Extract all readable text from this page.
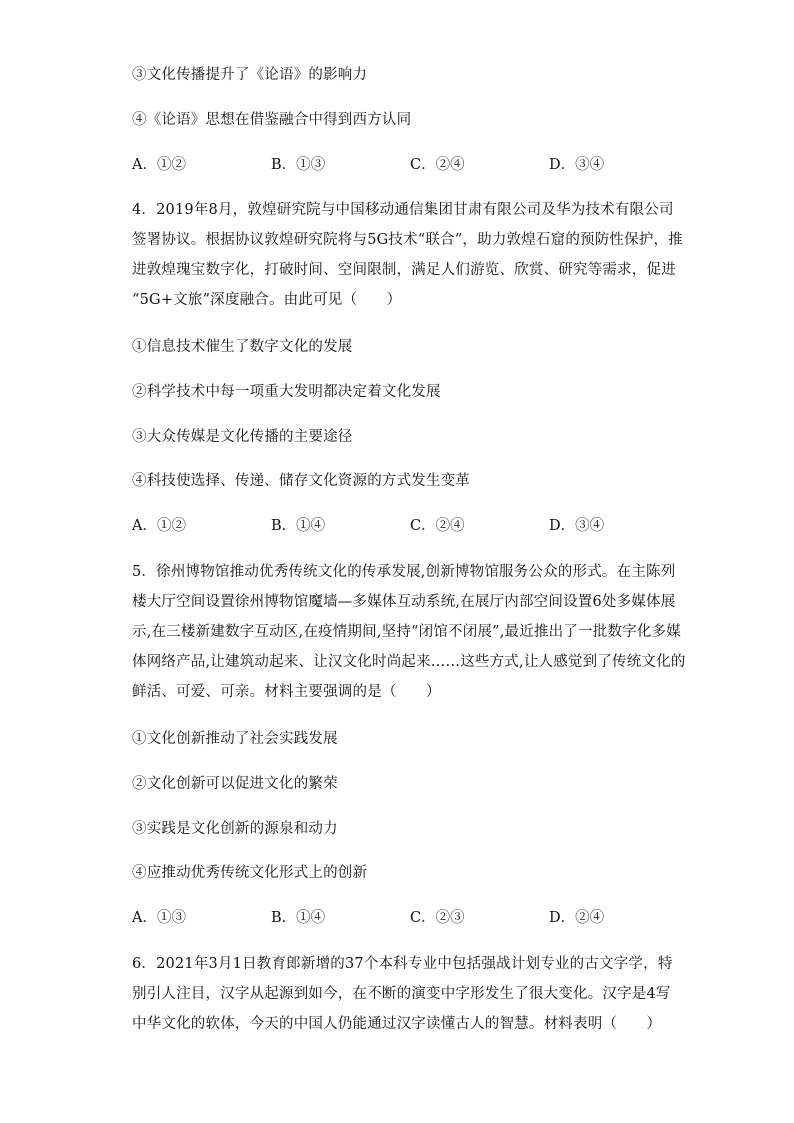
③文化传播提升了《论语》的影响力
④《论语》思想在借鉴融合中得到西方认同
A．①②	B．①③	C．②④	D．③④
4．2019年8月，敦煌研究院与中国移动通信集团甘肃有限公司及华为技术有限公司
签署协议。根据协议敦煌研究院将与5G技术“联合”，助力敦煌石窟的预防性保护，推
进敦煌瑰宝数字化，打破时间、空间限制，满足人们游览、欣赏、研究等需求，促进
“5G+文旅”深度融合。由此可见（　　）
①信息技术催生了数字文化的发展
②科学技术中每一项重大发明都决定着文化发展
③大众传媒是文化传播的主要途径
④科技使选择、传递、储存文化资源的方式发生变革
A．①②	B．①④	C．②④	D．③④
5．徐州博物馆推动优秀传统文化的传承发展,创新博物馆服务公众的形式。在主陈列
楼大厅空间设置徐州博物馆魔墙—多媒体互动系统,在展厅内部空间设置6处多媒体展
示,在三楼新建数字互动区,在疫情期间,坚持“闭馆不闭展”,最近推出了一批数字化多媒
体网络产品,让建筑动起来、让汉文化时尚起来……这些方式,让人感觉到了传统文化的
鲜活、可爱、可亲。材料主要强调的是（　　）
①文化创新推动了社会实践发展
②文化创新可以促进文化的繁荣
③实践是文化创新的源泉和动力
④应推动优秀传统文化形式上的创新
A．①③	B．①④	C．②③	D．②④
6．2021年3月1日教育郎新增的37个本科专业中包括强战计划专业的古文字学，特
别引人注目，汉字从起源到如今，在不断的演变中字形发生了很大变化。汉字是4写
中华文化的软体，今天的中国人仍能通过汉字读懂古人的智慧。材料表明（　　）
